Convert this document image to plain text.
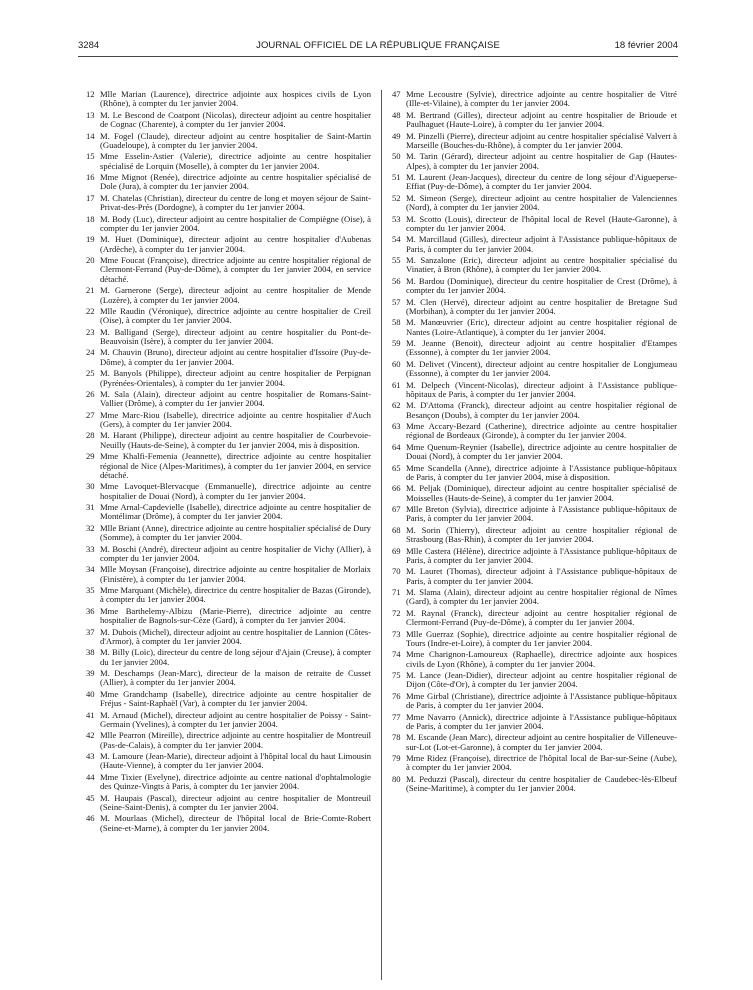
3284	JOURNAL OFFICIEL DE LA RÉPUBLIQUE FRANÇAISE	18 février 2004
12 Mlle Marian (Laurence), directrice adjointe aux hospices civils de Lyon (Rhône), à compter du 1er janvier 2004.
13 M. Le Bescond de Coatpont (Nicolas), directeur adjoint au centre hospitalier de Cognac (Charente), à compter du 1er janvier 2004.
14 M. Fogel (Claude), directeur adjoint au centre hospitalier de Saint-Martin (Guadeloupe), à compter du 1er janvier 2004.
15 Mme Esselin-Astier (Valerie), directrice adjointe au centre hospitalier spécialisé de Lorquin (Moselle), à compter du 1er janvier 2004.
16 Mme Mignot (Renée), directrice adjointe au centre hospitalier spécialisé de Dole (Jura), à compter du 1er janvier 2004.
17 M. Chatelas (Christian), directeur du centre de long et moyen séjour de Saint-Privat-des-Prés (Dordogne), à compter du 1er janvier 2004.
18 M. Body (Luc), directeur adjoint au centre hospitalier de Compiègne (Oise), à compter du 1er janvier 2004.
19 M. Huet (Dominique), directeur adjoint au centre hospitalier d'Aubenas (Ardèche), à compter du 1er janvier 2004.
20 Mme Foucat (Françoise), directrice adjointe au centre hospitalier régional de Clermont-Ferrand (Puy-de-Dôme), à compter du 1er janvier 2004, en service détaché.
21 M. Garnerone (Serge), directeur adjoint au centre hospitalier de Mende (Lozère), à compter du 1er janvier 2004.
22 Mlle Raudin (Véronique), directrice adjointe au centre hospitalier de Creil (Oise), à compter du 1er janvier 2004.
23 M. Balligand (Serge), directeur adjoint au centre hospitalier du Pont-de-Beauvoisin (Isère), à compter du 1er janvier 2004.
24 M. Chauvin (Bruno), directeur adjoint au centre hospitalier d'Issoire (Puy-de-Dôme), à compter du 1er janvier 2004.
25 M. Banyols (Philippe), directeur adjoint au centre hospitalier de Perpignan (Pyrénées-Orientales), à compter du 1er janvier 2004.
26 M. Sala (Alain), directeur adjoint au centre hospitalier de Romans-Saint-Vallier (Drôme), à compter du 1er janvier 2004.
27 Mme Marc-Riou (Isabelle), directrice adjointe au centre hospitalier d'Auch (Gers), à compter du 1er janvier 2004.
28 M. Harant (Philippe), directeur adjoint au centre hospitalier de Courbevoie-Neuilly (Hauts-de-Seine), à compter du 1er janvier 2004, mis à disposition.
29 Mme Khalfi-Femenia (Jeannette), directrice adjointe au centre hospitalier régional de Nice (Alpes-Maritimes), à compter du 1er janvier 2004, en service détaché.
30 Mme Lavoquet-Blervacque (Emmanuelle), directrice adjointe au centre hospitalier de Douai (Nord), à compter du 1er janvier 2004.
31 Mme Arnal-Capdevielle (Isabelle), directrice adjointe au centre hospitalier de Montélimar (Drôme), à compter du 1er janvier 2004.
32 Mlle Briant (Anne), directrice adjointe au centre hospitalier spécialisé de Dury (Somme), à compter du 1er janvier 2004.
33 M. Boschi (André), directeur adjoint au centre hospitalier de Vichy (Allier), à compter du 1er janvier 2004.
34 Mlle Moysan (Françoise), directrice adjointe au centre hospitalier de Morlaix (Finistère), à compter du 1er janvier 2004.
35 Mme Marquant (Michèle), directrice du centre hospitalier de Bazas (Gironde), à compter du 1er janvier 2004.
36 Mme Barthelemy-Albizu (Marie-Pierre), directrice adjointe au centre hospitalier de Bagnols-sur-Cèze (Gard), à compter du 1er janvier 2004.
37 M. Dubois (Michel), directeur adjoint au centre hospitalier de Lannion (Côtes-d'Armor), à compter du 1er janvier 2004.
38 M. Billy (Loïc), directeur du centre de long séjour d'Ajain (Creuse), à compter du 1er janvier 2004.
39 M. Deschamps (Jean-Marc), directeur de la maison de retraite de Cusset (Allier), à compter du 1er janvier 2004.
40 Mme Grandchamp (Isabelle), directrice adjointe au centre hospitalier de Fréjus - Saint-Raphaël (Var), à compter du 1er janvier 2004.
41 M. Arnaud (Michel), directeur adjoint au centre hospitalier de Poissy - Saint-Germain (Yvelines), à compter du 1er janvier 2004.
42 Mlle Pearron (Mireille), directrice adjointe au centre hospitalier de Montreuil (Pas-de-Calais), à compter du 1er janvier 2004.
43 M. Lamoure (Jean-Marie), directeur adjoint à l'hôpital local du haut Limousin (Haute-Vienne), à compter du 1er janvier 2004.
44 Mme Tixier (Evelyne), directrice adjointe au centre national d'ophtalmologie des Quinze-Vingts à Paris, à compter du 1er janvier 2004.
45 M. Haupais (Pascal), directeur adjoint au centre hospitalier de Montreuil (Seine-Saint-Denis), à compter du 1er janvier 2004.
46 M. Mourlaas (Michel), directeur de l'hôpital local de Brie-Comte-Robert (Seine-et-Marne), à compter du 1er janvier 2004.
47 Mme Lecoustre (Sylvie), directrice adjointe au centre hospitalier de Vitré (Ille-et-Vilaine), à compter du 1er janvier 2004.
48 M. Bertrand (Gilles), directeur adjoint au centre hospitalier de Brioude et Paulhaguet (Haute-Loire), à compter du 1er janvier 2004.
49 M. Pinzelli (Pierre), directeur adjoint au centre hospitalier spécialisé Valvert à Marseille (Bouches-du-Rhône), à compter du 1er janvier 2004.
50 M. Tarin (Gérard), directeur adjoint au centre hospitalier de Gap (Hautes-Alpes), à compter du 1er janvier 2004.
51 M. Laurent (Jean-Jacques), directeur du centre de long séjour d'Aigueperse-Effiat (Puy-de-Dôme), à compter du 1er janvier 2004.
52 M. Simeon (Serge), directeur adjoint au centre hospitalier de Valenciennes (Nord), à compter du 1er janvier 2004.
53 M. Scotto (Louis), directeur de l'hôpital local de Revel (Haute-Garonne), à compter du 1er janvier 2004.
54 M. Marcillaud (Gilles), directeur adjoint à l'Assistance publique-hôpitaux de Paris, à compter du 1er janvier 2004.
55 M. Sanzalone (Eric), directeur adjoint au centre hospitalier spécialisé du Vinatier, à Bron (Rhône), à compter du 1er janvier 2004.
56 M. Bardou (Dominique), directeur du centre hospitalier de Crest (Drôme), à compter du 1er janvier 2004.
57 M. Clen (Hervé), directeur adjoint au centre hospitalier de Bretagne Sud (Morbihan), à compter du 1er janvier 2004.
58 M. Manœuvrier (Eric), directeur adjoint au centre hospitalier régional de Nantes (Loire-Atlantique), à compter du 1er janvier 2004.
59 M. Jeanne (Benoit), directeur adjoint au centre hospitalier d'Etampes (Essonne), à compter du 1er janvier 2004.
60 M. Delivet (Vincent), directeur adjoint au centre hospitalier de Longjumeau (Essonne), à compter du 1er janvier 2004.
61 M. Delpech (Vincent-Nicolas), directeur adjoint à l'Assistance publique-hôpitaux de Paris, à compter du 1er janvier 2004.
62 M. D'Attoma (Franck), directeur adjoint au centre hospitalier régional de Besançon (Doubs), à compter du 1er janvier 2004.
63 Mme Accary-Bezard (Catherine), directrice adjointe au centre hospitalier régional de Bordeaux (Gironde), à compter du 1er janvier 2004.
64 Mme Quenum-Reynier (Isabelle), directrice adjointe au centre hospitalier de Douai (Nord), à compter du 1er janvier 2004.
65 Mme Scandella (Anne), directrice adjointe à l'Assistance publique-hôpitaux de Paris, à compter du 1er janvier 2004, mise à disposition.
66 M. Peljak (Dominique), directeur adjoint au centre hospitalier spécialisé de Moisselles (Hauts-de-Seine), à compter du 1er janvier 2004.
67 Mlle Breton (Sylvia), directrice adjointe à l'Assistance publique-hôpitaux de Paris, à compter du 1er janvier 2004.
68 M. Sorin (Thierry), directeur adjoint au centre hospitalier régional de Strasbourg (Bas-Rhin), à compter du 1er janvier 2004.
69 Mlle Castera (Hélène), directrice adjointe à l'Assistance publique-hôpitaux de Paris, à compter du 1er janvier 2004.
70 M. Lauret (Thomas), directeur adjoint à l'Assistance publique-hôpitaux de Paris, à compter du 1er janvier 2004.
71 M. Slama (Alain), directeur adjoint au centre hospitalier régional de Nîmes (Gard), à compter du 1er janvier 2004.
72 M. Raynal (Franck), directeur adjoint au centre hospitalier régional de Clermont-Ferrand (Puy-de-Dôme), à compter du 1er janvier 2004.
73 Mlle Guerraz (Sophie), directrice adjointe au centre hospitalier régional de Tours (Indre-et-Loire), à compter du 1er janvier 2004.
74 Mme Charignon-Lamoureux (Raphaelle), directrice adjointe aux hospices civils de Lyon (Rhône), à compter du 1er janvier 2004.
75 M. Lance (Jean-Didier), directeur adjoint au centre hospitalier régional de Dijon (Côte-d'Or), à compter du 1er janvier 2004.
76 Mme Girbal (Christiane), directrice adjointe à l'Assistance publique-hôpitaux de Paris, à compter du 1er janvier 2004.
77 Mme Navarro (Annick), directrice adjointe à l'Assistance publique-hôpitaux de Paris, à compter du 1er janvier 2004.
78 M. Escande (Jean Marc), directeur adjoint au centre hospitalier de Villeneuve-sur-Lot (Lot-et-Garonne), à compter du 1er janvier 2004.
79 Mme Ridez (Françoise), directrice de l'hôpital local de Bar-sur-Seine (Aube), à compter du 1er janvier 2004.
80 M. Peduzzi (Pascal), directeur du centre hospitalier de Caudebec-lès-Elbeuf (Seine-Maritime), à compter du 1er janvier 2004.
